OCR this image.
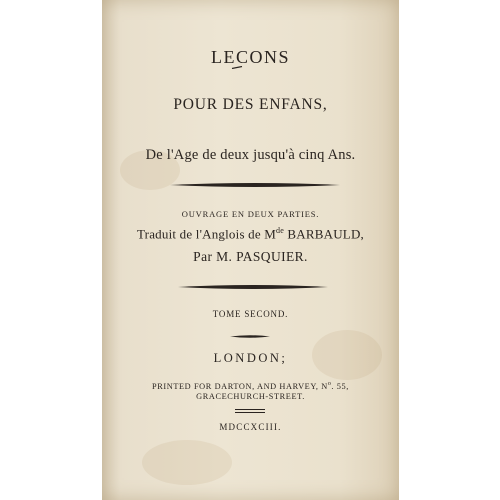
LECONS
POUR DES ENFANS,
De l'Age de deux jusqu'à cinq Ans.
OUVRAGE EN DEUX PARTIES.
Traduit de l'Anglois de Mde BARBAULD,
Par M. PASQUIER.
TOME SECOND.
LONDON;
PRINTED FOR DARTON, AND HARVEY, $N^o$. 55,
GRACECHURCH-STREET.
MDCCXCIII.
